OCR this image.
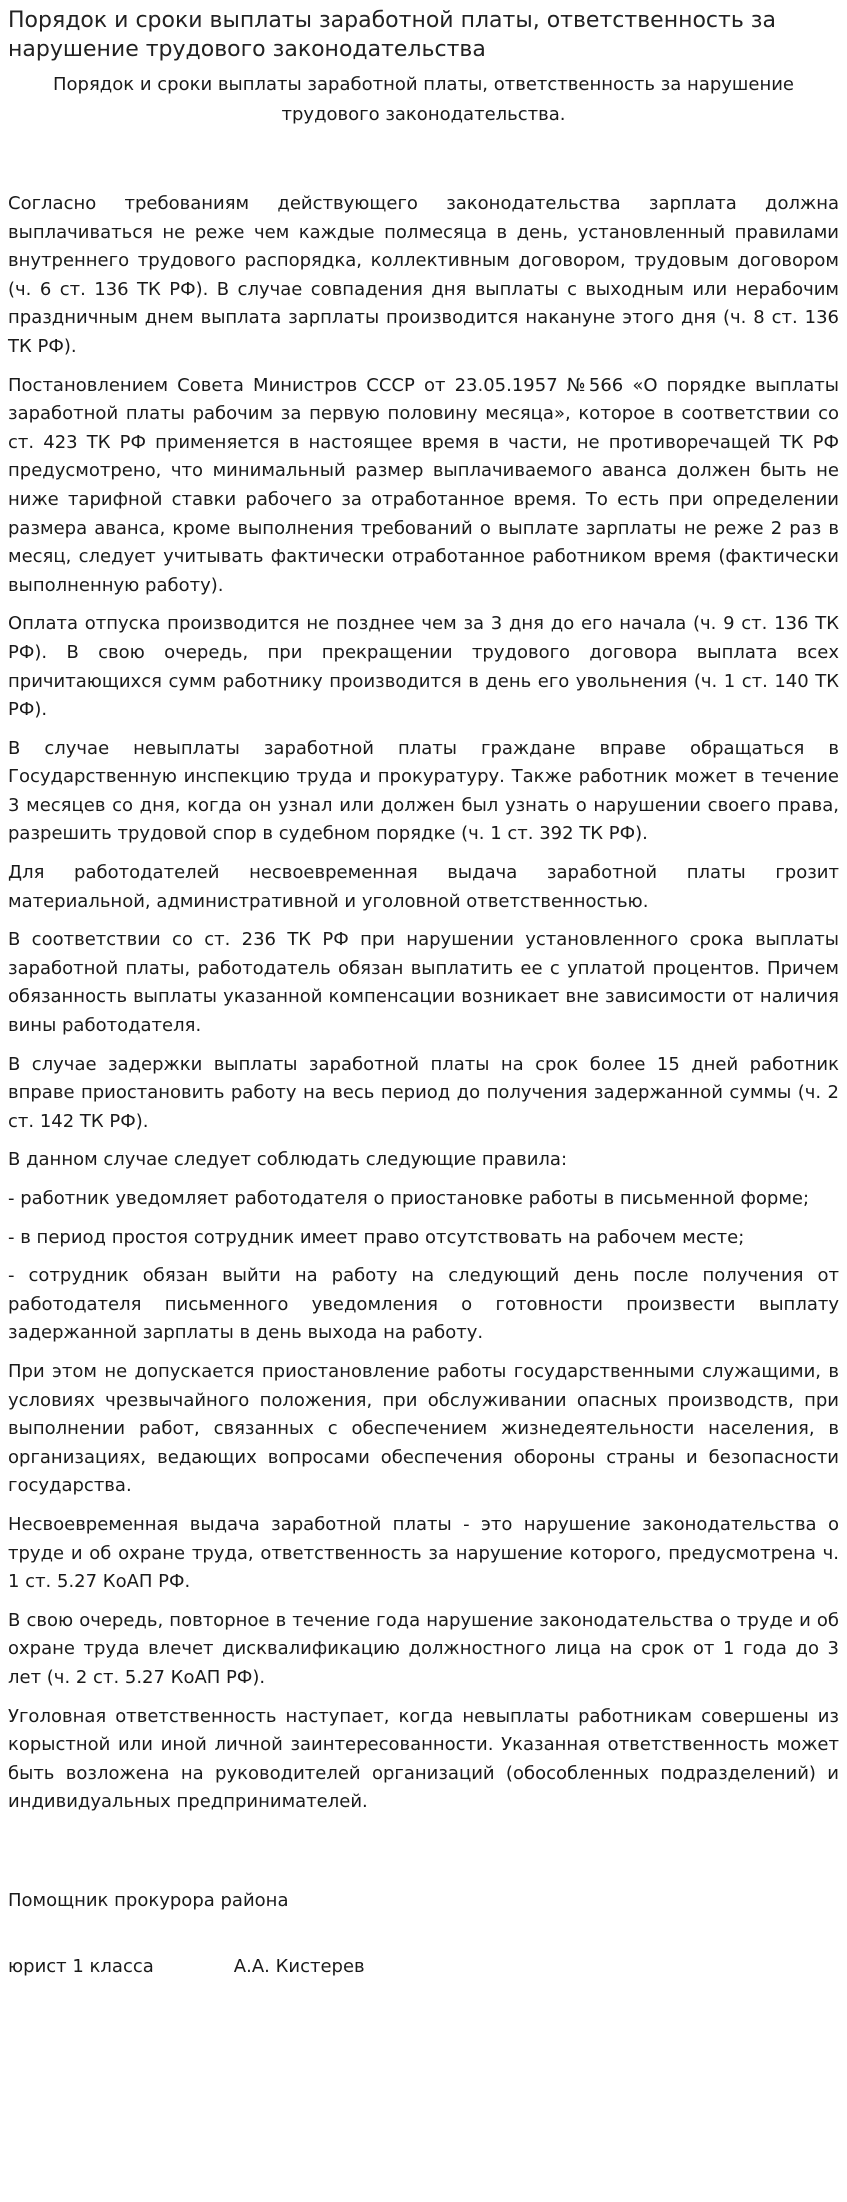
Порядок и сроки выплаты заработной платы, ответственность за нарушение трудового законодательства
Порядок и сроки выплаты заработной платы, ответственность за нарушение трудового законодательства.

Согласно требованиям действующего законодательства зарплата должна выплачиваться не реже чем каждые полмесяца в день, установленный правилами внутреннего трудового распорядка, коллективным договором, трудовым договором (ч. 6 ст. 136 ТК РФ). В случае совпадения дня выплаты с выходным или нерабочим праздничным днем выплата зарплаты производится накануне этого дня (ч. 8 ст. 136 ТК РФ).

Постановлением Совета Министров СССР от 23.05.1957 №566 «О порядке выплаты заработной платы рабочим за первую половину месяца», которое в соответствии со ст. 423 ТК РФ применяется в настоящее время в части, не противоречащей ТК РФ предусмотрено, что минимальный размер выплачиваемого аванса должен быть не ниже тарифной ставки рабочего за отработанное время. То есть при определении размера аванса, кроме выполнения требований о выплате зарплаты не реже 2 раз в месяц, следует учитывать фактически отработанное работником время (фактически выполненную работу).

Оплата отпуска производится не позднее чем за 3 дня до его начала (ч. 9 ст. 136 ТК РФ). В свою очередь, при прекращении трудового договора выплата всех причитающихся сумм работнику производится в день его увольнения (ч. 1 ст. 140 ТК РФ).

В случае невыплаты заработной платы граждане вправе обращаться в Государственную инспекцию труда и прокуратуру. Также работник может в течение 3 месяцев со дня, когда он узнал или должен был узнать о нарушении своего права, разрешить трудовой спор в судебном порядке (ч. 1 ст. 392 ТК РФ).

Для работодателей несвоевременная выдача заработной платы грозит материальной, административной и уголовной ответственностью.

В соответствии со ст. 236 ТК РФ при нарушении установленного срока выплаты заработной платы, работодатель обязан выплатить ее с уплатой процентов. Причем обязанность выплаты указанной компенсации возникает вне зависимости от наличия вины работодателя.

В случае задержки выплаты заработной платы на срок более 15 дней работник вправе приостановить работу на весь период до получения задержанной суммы (ч. 2 ст. 142 ТК РФ).

В данном случае следует соблюдать следующие правила:

- работник уведомляет работодателя о приостановке работы в письменной форме;

- в период простоя сотрудник имеет право отсутствовать на рабочем месте;

- сотрудник обязан выйти на работу на следующий день после получения от работодателя письменного уведомления о готовности произвести выплату задержанной зарплаты в день выхода на работу.

При этом не допускается приостановление работы государственными служащими, в условиях чрезвычайного положения, при обслуживании опасных производств, при выполнении работ, связанных с обеспечением жизнедеятельности населения, в организациях, ведающих вопросами обеспечения обороны страны и безопасности государства.

Несвоевременная выдача заработной платы - это нарушение законодательства о труде и об охране труда, ответственность за нарушение которого, предусмотрена ч. 1 ст. 5.27 КоАП РФ.

В свою очередь, повторное в течение года нарушение законодательства о труде и об охране труда влечет дисквалификацию должностного лица на срок от 1 года до 3 лет (ч. 2 ст. 5.27 КоАП РФ).

Уголовная ответственность наступает, когда невыплаты работникам совершены из корыстной или иной личной заинтересованности. Указанная ответственность может быть возложена на руководителей организаций (обособленных подразделений) и индивидуальных предпринимателей.

Помощник прокурора района

юрист 1 класса	А.А. Кистерев
